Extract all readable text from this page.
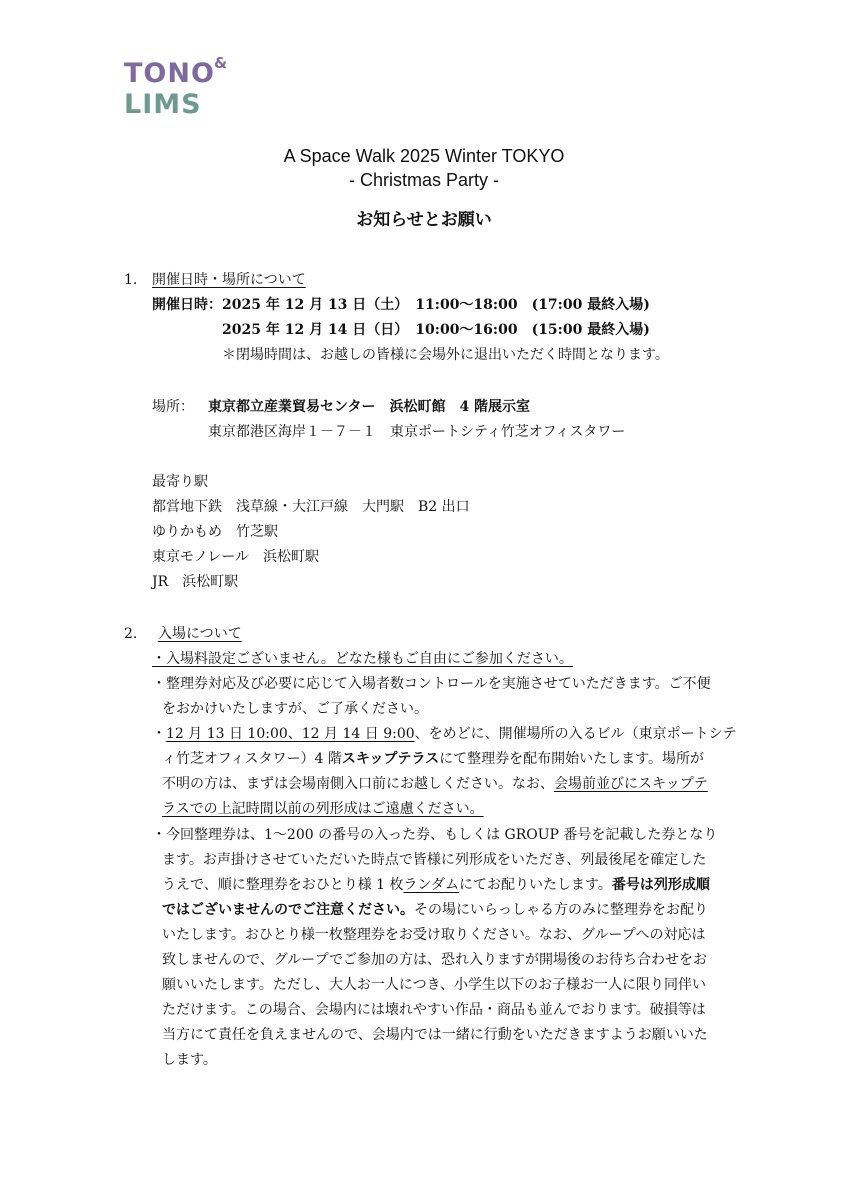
TONO &
LIMS
A Space Walk 2025 Winter TOKYO
- Christmas Party -
お知らせとお願い
1. 開催日時・場所について
開催日時： 2025 年 12 月 13 日（土）　11:00～18:00　(17:00 最終入場)
2025 年 12 月 14 日（日）　10:00～16:00　(15:00 最終入場)
＊閉場時間は、お越しの皆様に会場外に退出いただく時間となります。
場所： 東京都立産業貿易センター　浜松町館　4 階展示室
東京都港区海岸１－７－１　東京ポートシティ竹芝オフィスタワー
最寄り駅
都営地下鉄　浅草線・大江戸線　大門駅　B2 出口
ゆりかもめ　竹芝駅
東京モノレール　浜松町駅
JR　浜松町駅
2. 入場について
・入場料設定ございません。どなた様もご自由にご参加ください。
・整理券対応及び必要に応じて入場者数コントロールを実施させていただきます。ご不便
をおかけいたしますが、ご了承ください。
・12 月 13 日 10:00、12 月 14 日 9:00、をめどに、開催場所の入るビル（東京ポートシテ
ィ竹芝オフィスタワー）4 階スキップテラスにて整理券を配布開始いたします。場所が
不明の方は、まずは会場南側入口前にお越しください。なお、会場前並びにスキップテ
ラスでの上記時間以前の列形成はご遠慮ください。
・今回整理券は、1～200 の番号の入った券、もしくは GROUP 番号を記載した券となり
ます。お声掛けさせていただいた時点で皆様に列形成をいただき、列最後尾を確定した
うえで、順に整理券をおひとり様 1 枚ランダムにてお配りいたします。番号は列形成順
ではございませんのでご注意ください。その場にいらっしゃる方のみに整理券をお配り
いたします。おひとり様一枚整理券をお受け取りください。なお、グループへの対応は
致しませんので、グループでご参加の方は、恐れ入りますが開場後のお待ち合わせをお
願いいたします。ただし、大人お一人につき、小学生以下のお子様お一人に限り同伴い
ただけます。この場合、会場内には壊れやすい作品・商品も並んでおります。破損等は
当方にて責任を負えませんので、会場内では一緒に行動をいただきますようお願いいた
します。
